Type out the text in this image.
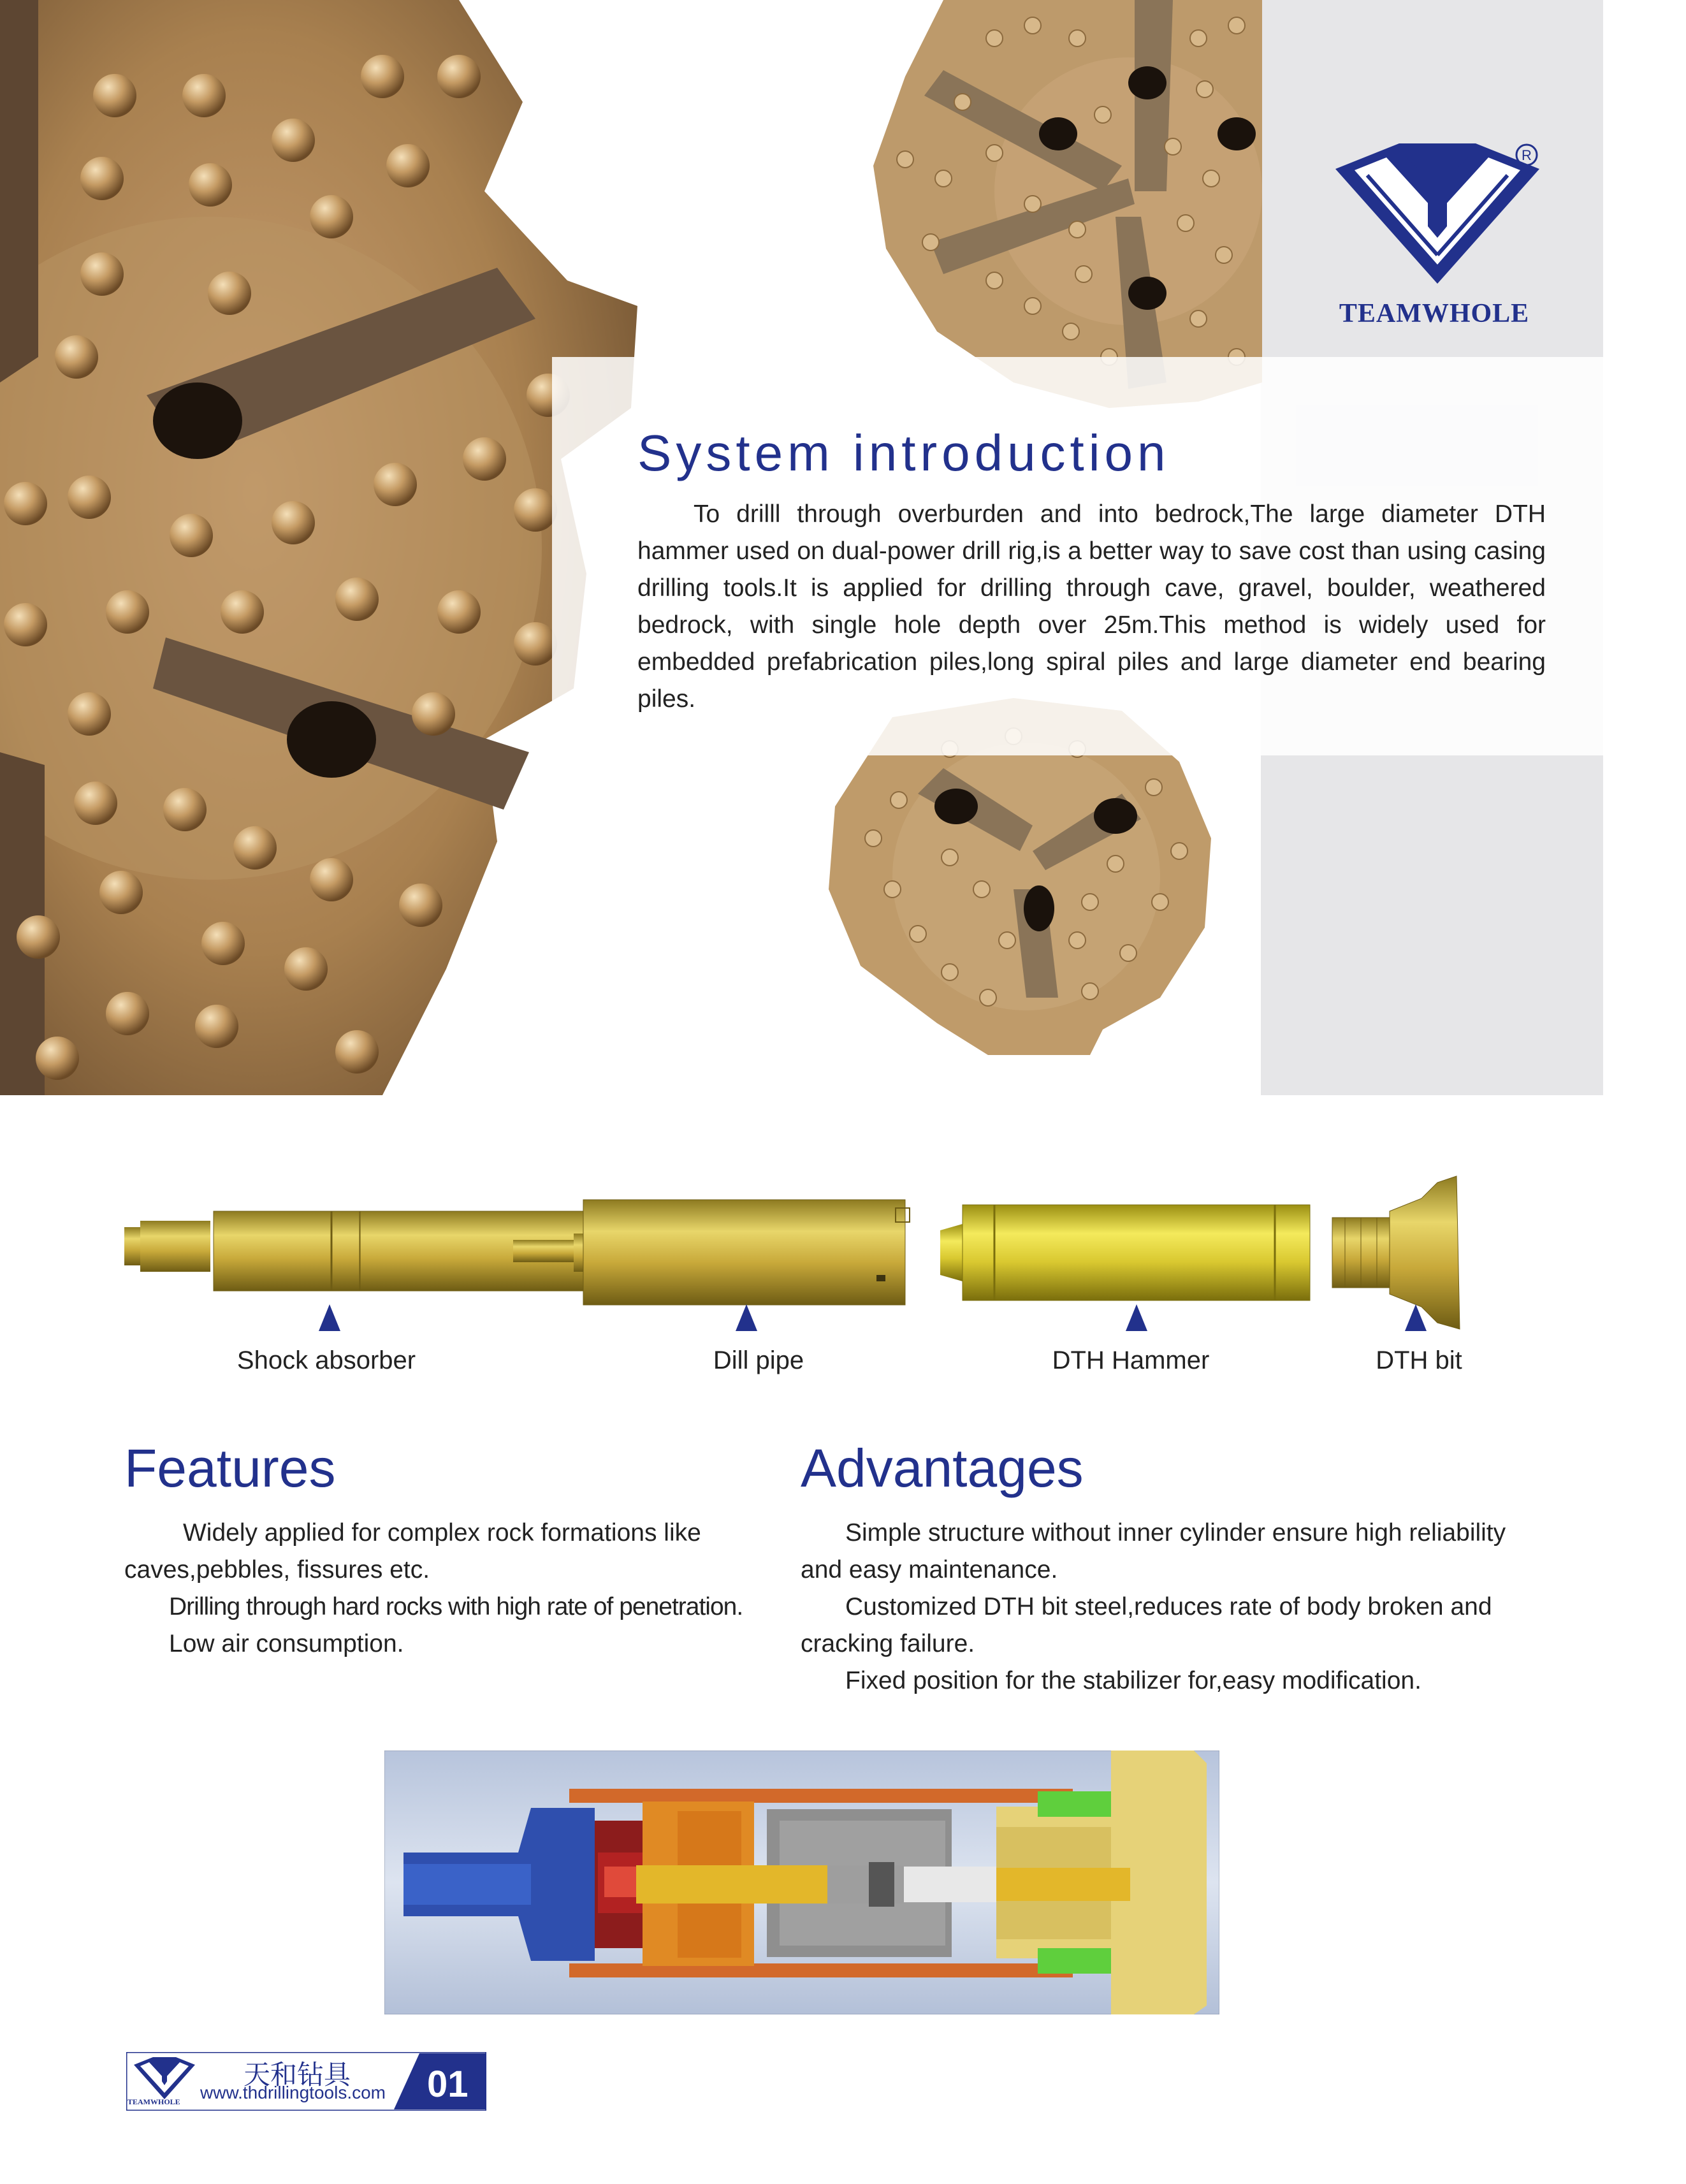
R
TEAMWHOLE
System introduction

To drilll through overburden and into bedrock,The large diameter DTH hammer used on dual-power drill rig,is a better way to save cost than using casing drilling tools.It is applied for drilling through cave, gravel, boulder, weathered bedrock, with single hole depth over 25m.This method is widely used for embedded prefabrication piles,long spiral piles and large diameter end bearing piles.

Shock absorber	Dill pipe	DTH Hammer	DTH bit
Features

Widely applied for complex rock formations like caves,pebbles, fissures etc.

Drilling through hard rocks with high rate of penetration.

Low air consumption.

Advantages

Simple structure without inner cylinder ensure high reliability and easy maintenance.

Customized DTH bit steel,reduces rate of body broken and cracking failure.

Fixed position for the stabilizer for,easy modification.

天和钻具
www.thdrillingtools.com
TEAMWHOLE	01
